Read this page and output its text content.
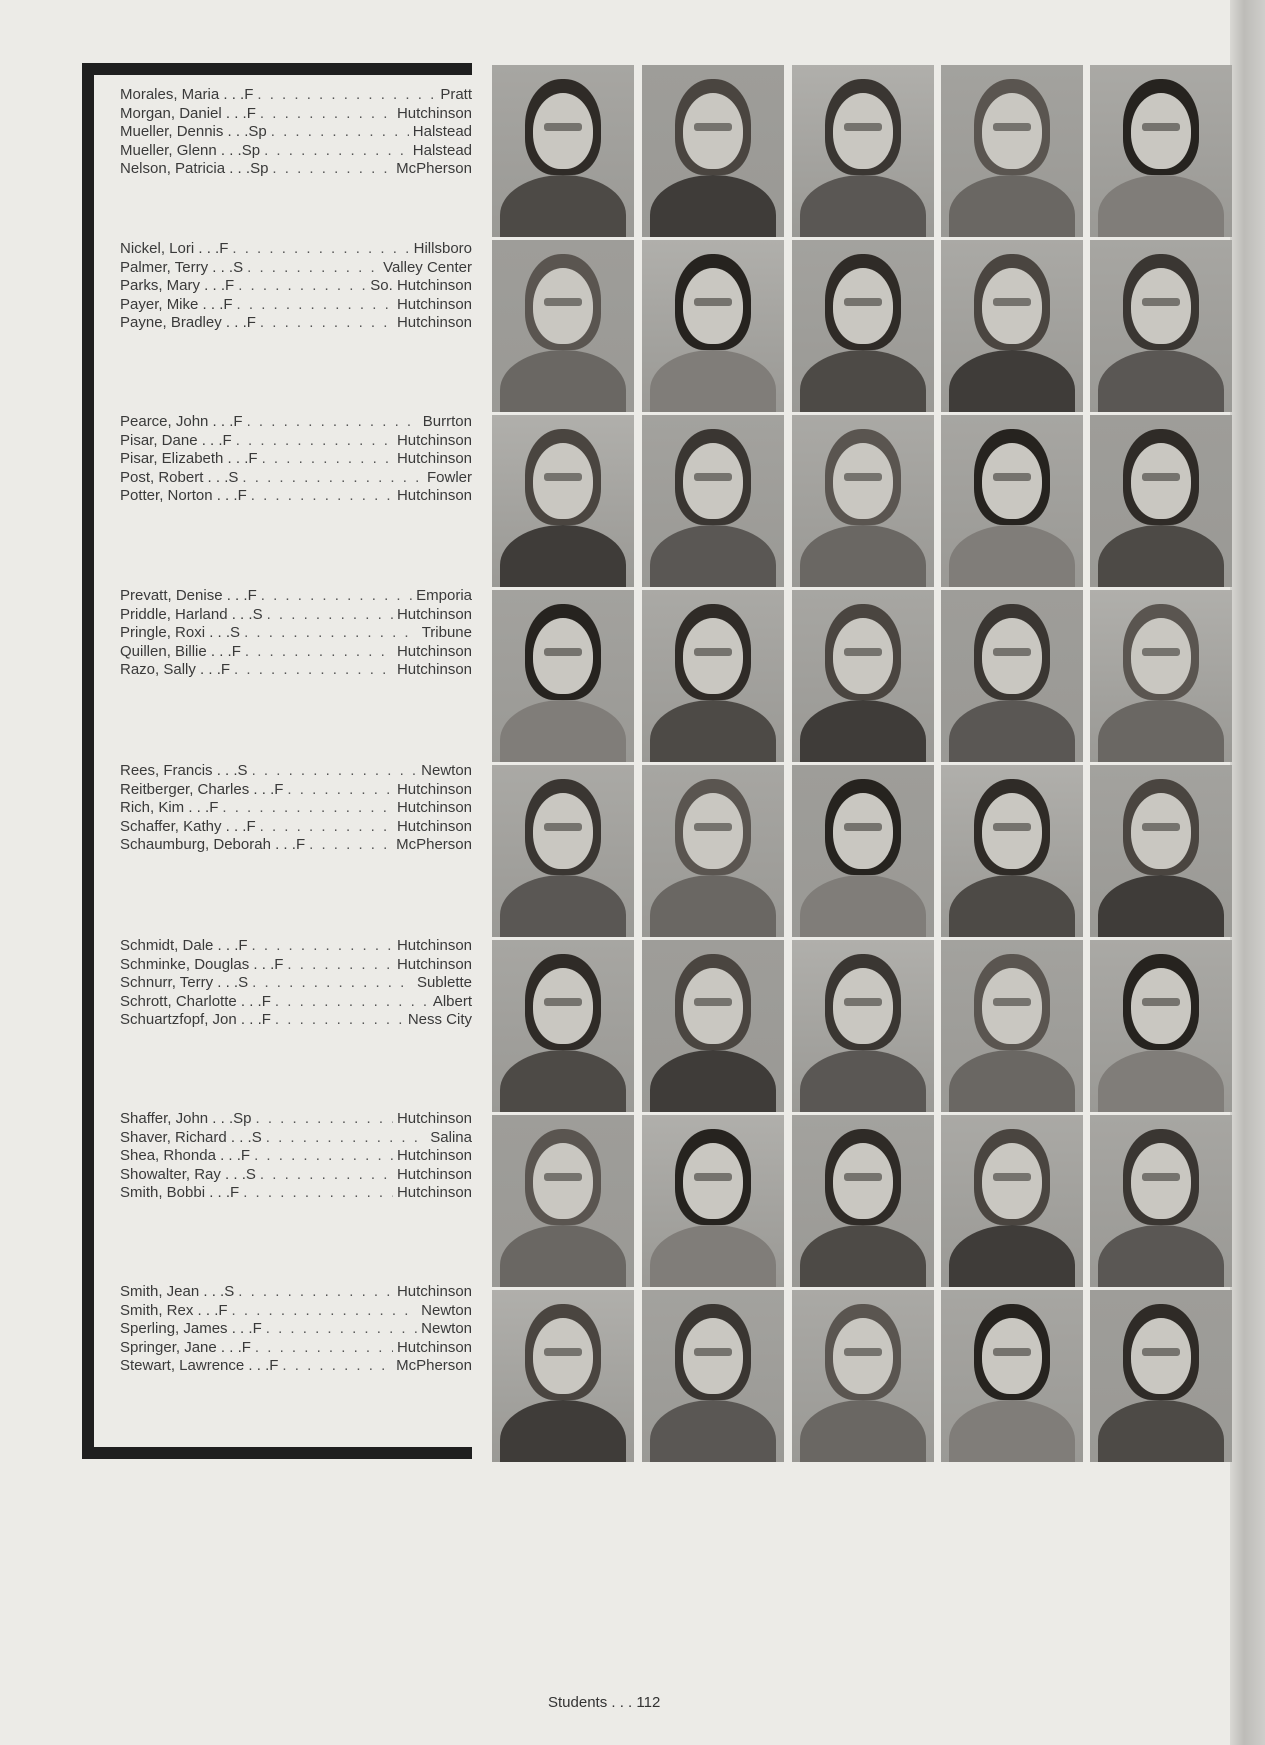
Morales, Maria . . . F . . .	Pratt
Morgan, Daniel . . . F . . .	Hutchinson
Mueller, Dennis . . . Sp . . .	Halstead
Mueller, Glenn . . . Sp . . .	Halstead
Nelson, Patricia . . . Sp . . .	McPherson
Nickel, Lori . . . F . . .	Hillsboro
Palmer, Terry . . . S . . .	Valley Center
Parks, Mary . . . F . . .	So. Hutchinson
Payer, Mike . . . F . . .	Hutchinson
Payne, Bradley . . . F . . .	Hutchinson
Pearce, John . . . F . . .	Burrton
Pisar, Dane . . . F . . .	Hutchinson
Pisar, Elizabeth . . . F . . .	Hutchinson
Post, Robert . . . S . . .	Fowler
Potter, Norton . . . F . . .	Hutchinson
Prevatt, Denise . . . F . . .	Emporia
Priddle, Harland . . . S . . .	Hutchinson
Pringle, Roxi . . . S . . .	Tribune
Quillen, Billie . . . F . . .	Hutchinson
Razo, Sally . . . F . . .	Hutchinson
Rees, Francis . . . S . . .	Newton
Reitberger, Charles . . . F . . .	Hutchinson
Rich, Kim . . . F . . .	Hutchinson
Schaffer, Kathy . . . F . . .	Hutchinson
Schaumburg, Deborah . . . F . . .	McPherson
Schmidt, Dale . . . F . . .	Hutchinson
Schminke, Douglas . . . F . . .	Hutchinson
Schnurr, Terry . . . S . . .	Sublette
Schrott, Charlotte . . . F . . .	Albert
Schuartzfopf, Jon . . . F . . .	Ness City
Shaffer, John . . . Sp . . .	Hutchinson
Shaver, Richard . . . S . . .	Salina
Shea, Rhonda . . . F . . .	Hutchinson
Showalter, Ray . . . S . . .	Hutchinson
Smith, Bobbi . . . F . . .	Hutchinson
Smith, Jean . . . S . . .	Hutchinson
Smith, Rex . . . F . . .	Newton
Sperling, James . . . F . . .	Newton
Springer, Jane . . . F . . .	Hutchinson
Stewart, Lawrence . . . F . . .	McPherson
Students . . . 112
